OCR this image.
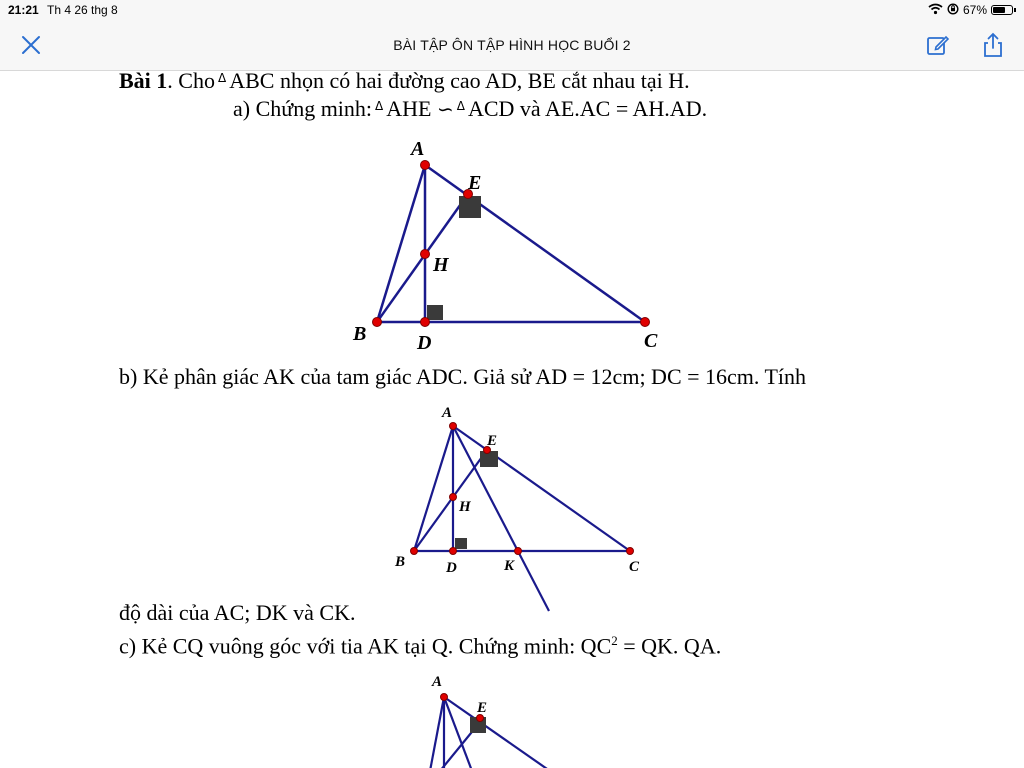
21:21 Th 4 26 thg 8	67%
BÀI TẬP ÔN TẬP HÌNH HỌC BUỔI 2
Bài 1. Cho $^\Delta$ ABC nhọn có hai đường cao AD, BE cắt nhau tại H.
a) Chứng minh: $^\Delta$ AHE ∽ $^\Delta$ ACD và AE.AC = AH.AD.
A
E
H
B	D	C
b) Kẻ phân giác AK của tam giác ADC. Giả sử AD = 12cm; DC = 16cm. Tính
A
E
H
B	D	K	C
độ dài của AC; DK và CK.
c) Kẻ CQ vuông góc với tia AK tại Q. Chứng minh: $QC^2$ = QK. QA.
A
E
